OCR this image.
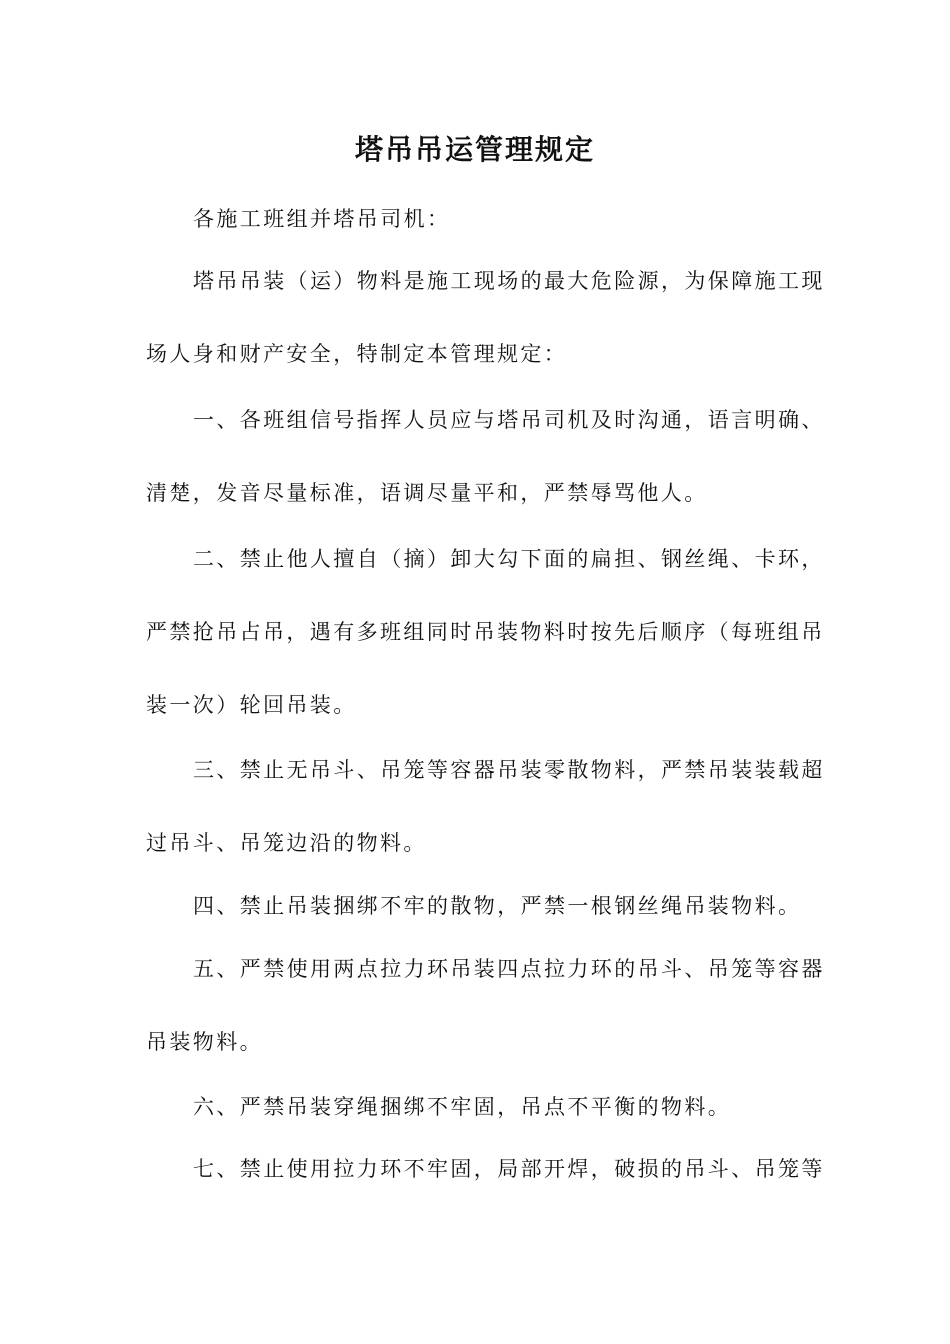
塔吊吊运管理规定
各施工班组并塔吊司机：
塔吊吊装（运）物料是施工现场的最大危险源，为保障施工现
场人身和财产安全，特制定本管理规定：
一、各班组信号指挥人员应与塔吊司机及时沟通，语言明确、
清楚，发音尽量标准，语调尽量平和，严禁辱骂他人。
二、禁止他人擅自（摘）卸大勾下面的扁担、钢丝绳、卡环，
严禁抢吊占吊，遇有多班组同时吊装物料时按先后顺序（每班组吊
装一次）轮回吊装。
三、禁止无吊斗、吊笼等容器吊装零散物料，严禁吊装装载超
过吊斗、吊笼边沿的物料。
四、禁止吊装捆绑不牢的散物，严禁一根钢丝绳吊装物料。
五、严禁使用两点拉力环吊装四点拉力环的吊斗、吊笼等容器
吊装物料。
六、严禁吊装穿绳捆绑不牢固，吊点不平衡的物料。
七、禁止使用拉力环不牢固，局部开焊，破损的吊斗、吊笼等
